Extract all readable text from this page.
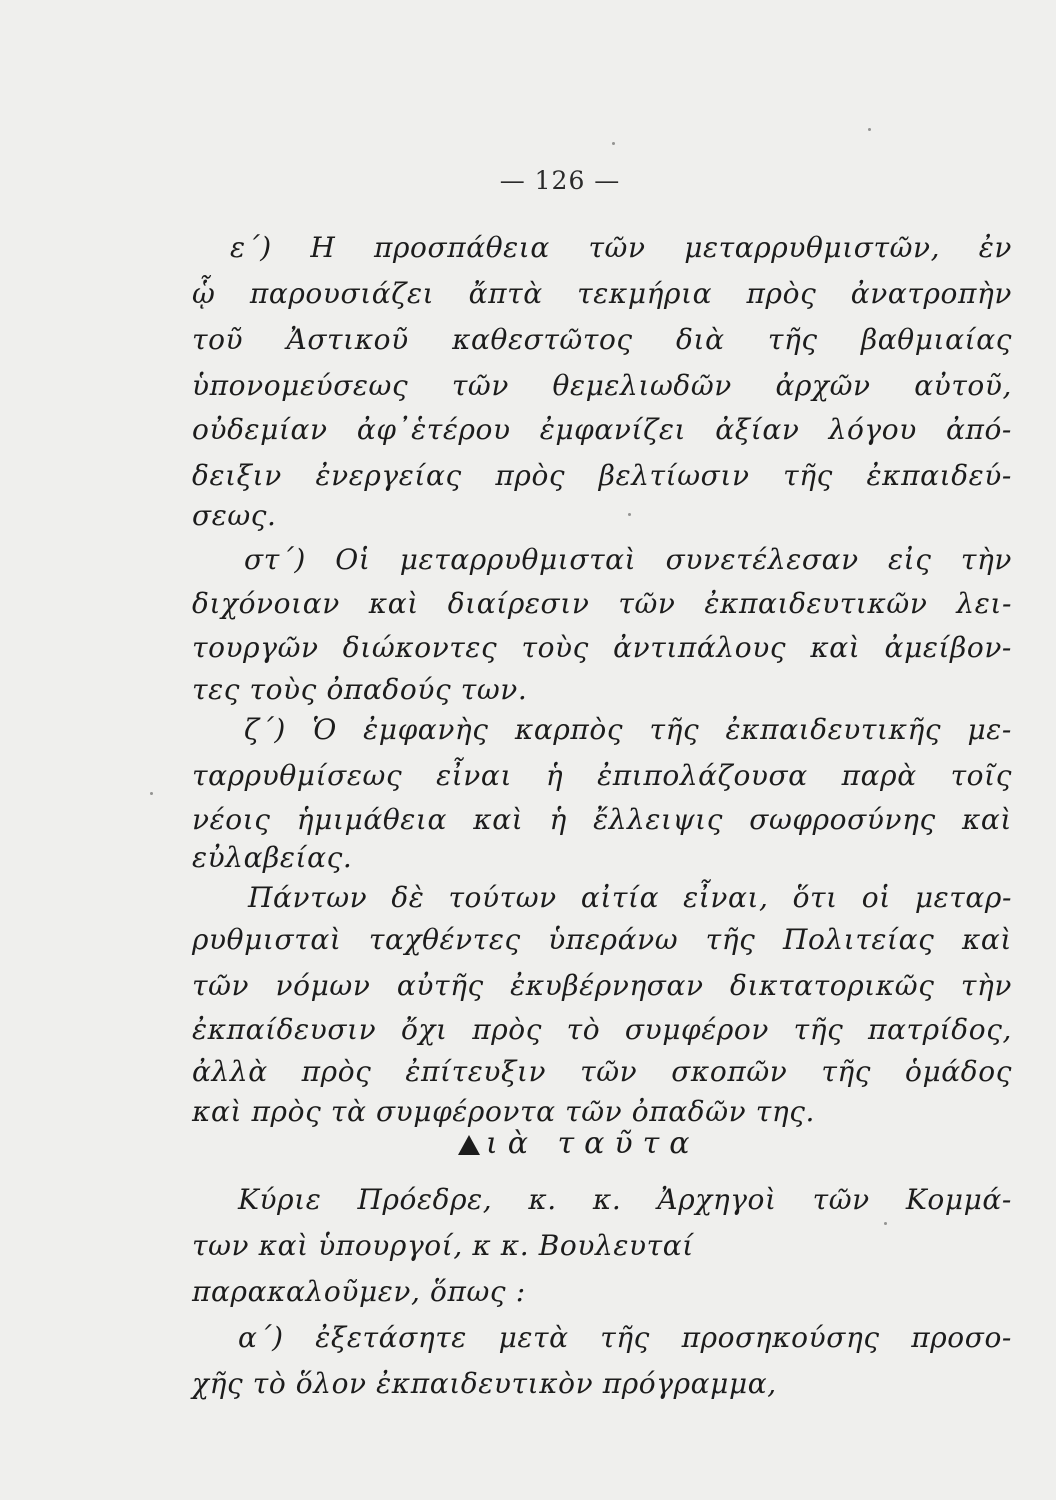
— 126 —
ε΄) Η προσπάθεια τῶν μεταρρυθμιστῶν, ἐν
ᾧ παρουσιάζει ἄπτὰ τεκμήρια πρὸς ἀνατροπὴν
τοῦ Ἀστικοῦ καθεστῶτος διὰ τῆς βαθμιαίας
ὑπονομεύσεως τῶν θεμελιωδῶν ἀρχῶν αὐτοῦ,
οὐδεμίαν ἀφ᾽ἑτέρου ἐμφανίζει ἀξίαν λόγου ἀπό-
δειξιν ἐνεργείας πρὸς βελτίωσιν τῆς ἐκπαιδεύ-
σεως.
στ΄) Οἱ μεταρρυθμισταὶ συνετέλεσαν εἰς τὴν
διχόνοιαν καὶ διαίρεσιν τῶν ἐκπαιδευτικῶν λει-
τουργῶν διώκοντες τοὺς ἀντιπάλους καὶ ἀμείβον-
τες τοὺς ὀπαδούς των.
ζ΄) Ὁ ἐμφανὴς καρπὸς τῆς ἐκπαιδευτικῆς με-
ταρρυθμίσεως εἶναι ἡ ἐπιπολάζουσα παρὰ τοῖς
νέοις ἡμιμάθεια καὶ ἡ ἔλλειψις σωφροσύνης καὶ
εὐλαβείας.
Πάντων δὲ τούτων αἰτία εἶναι, ὅτι οἱ μεταρ-
ρυθμισταὶ ταχθέντες ὑπεράνω τῆς Πολιτείας καὶ
τῶν νόμων αὐτῆς ἐκυβέρνησαν δικτατορικῶς τὴν
ἐκπαίδευσιν ὄχι πρὸς τὸ συμφέρον τῆς πατρίδος,
ἀλλὰ πρὸς ἐπίτευξιν τῶν σκοπῶν τῆς ὁμάδος
καὶ πρὸς τὰ συμφέροντα τῶν ὀπαδῶν της.
ιὰ ταῦτα
Κύριε Πρόεδρε, κ. κ. Ἀρχηγοὶ τῶν Κομμά-
των καὶ ὑπουργοί, κ κ. Βουλευταί
παρακαλοῦμεν, ὅπως :
α΄) ἐξετάσητε μετὰ τῆς προσηκούσης προσο-
χῆς τὸ ὅλον ἐκπαιδευτικὸν πρόγραμμα,
